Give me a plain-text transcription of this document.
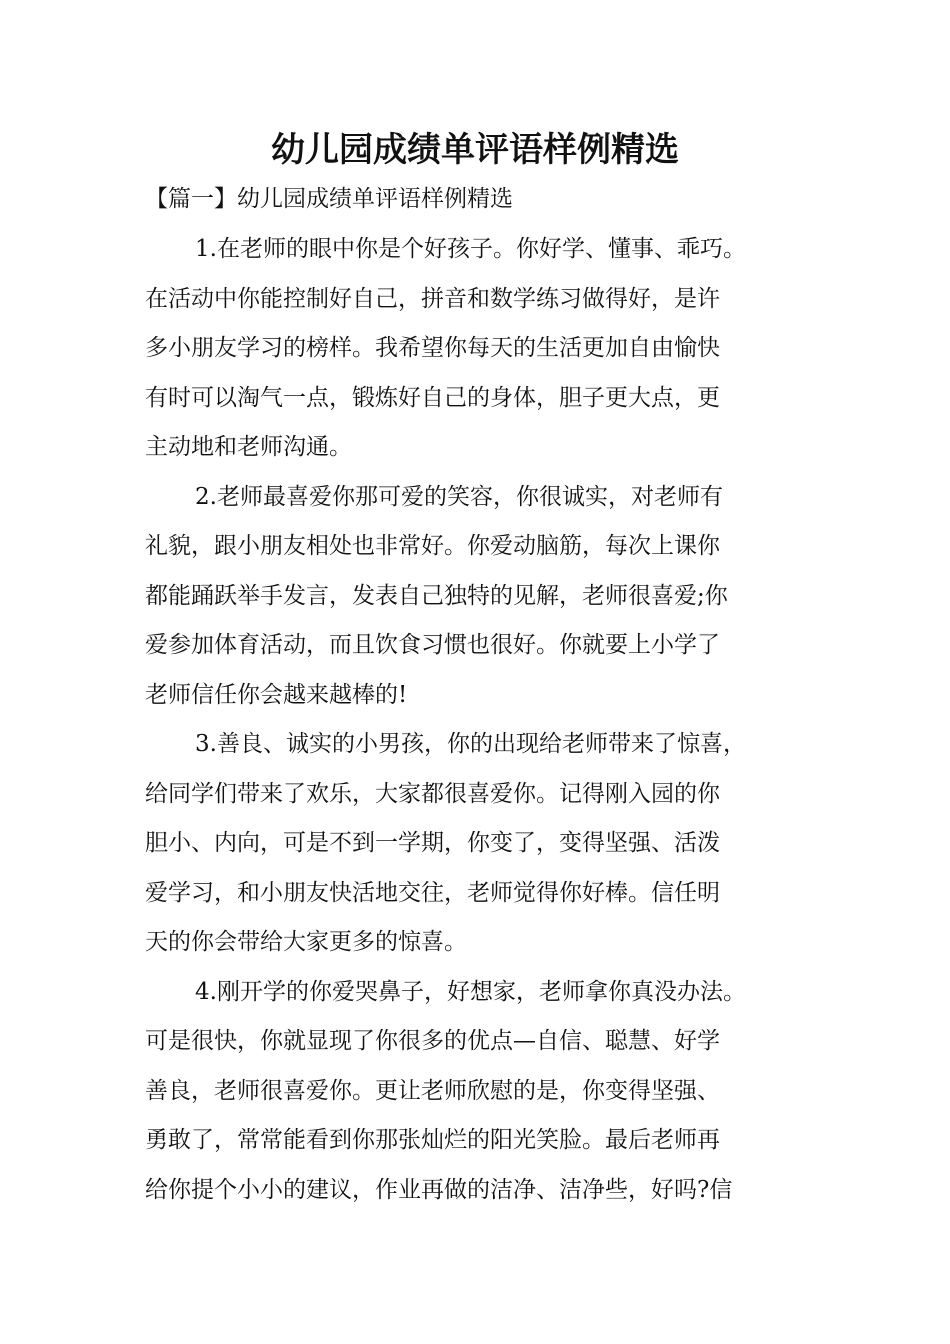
幼儿园成绩单评语样例精选
【篇一】幼儿园成绩单评语样例精选
1.在老师的眼中你是个好孩子。你好学、懂事、乖巧。
在活动中你能控制好自己，拼音和数学练习做得好，是许
多小朋友学习的榜样。我希望你每天的生活更加自由愉快
有时可以淘气一点，锻炼好自己的身体，胆子更大点，更
主动地和老师沟通。
2.老师最喜爱你那可爱的笑容，你很诚实，对老师有
礼貌，跟小朋友相处也非常好。你爱动脑筋，每次上课你
都能踊跃举手发言，发表自己独特的见解，老师很喜爱;你
爱参加体育活动，而且饮食习惯也很好。你就要上小学了
老师信任你会越来越棒的!
3.善良、诚实的小男孩，你的出现给老师带来了惊喜，
给同学们带来了欢乐，大家都很喜爱你。记得刚入园的你
胆小、内向，可是不到一学期，你变了，变得坚强、活泼
爱学习，和小朋友快活地交往，老师觉得你好棒。信任明
天的你会带给大家更多的惊喜。
4.刚开学的你爱哭鼻子，好想家，老师拿你真没办法。
可是很快，你就显现了你很多的优点—自信、聪慧、好学
善良，老师很喜爱你。更让老师欣慰的是，你变得坚强、
勇敢了，常常能看到你那张灿烂的阳光笑脸。最后老师再
给你提个小小的建议，作业再做的洁净、洁净些，好吗?信
